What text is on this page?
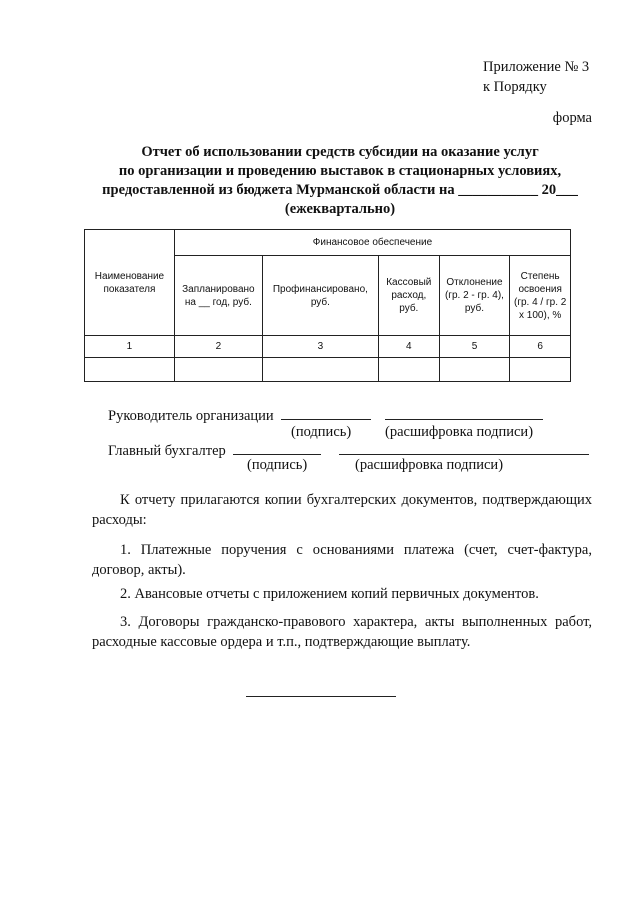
Приложение № 3
к Порядку
форма
Отчет об использовании средств субсидии на оказание услуг
по организации и проведению выставок в стационарных условиях,
предоставленной из бюджета Мурманской области на ___________ 20___
(ежеквартально)
Наименование показателя	Финансовое обеспечение				
	Запланировано на __ год, руб.	Профинансировано, руб.	Кассовый расход, руб.	Отклонение (гр. 2 - гр. 4), руб.	Степень освоения (гр. 4 / гр. 2 х 100), %
1	2	3	4	5	6

Руководитель организации
(подпись) (расшифровка подписи)
Главный бухгалтер
(подпись)	(расшифровка подписи)
К отчету прилагаются копии бухгалтерских документов, подтверждающих расходы:
1. Платежные поручения с основаниями платежа (счет, счет-фактура, договор, акты).
2. Авансовые отчеты с приложением копий первичных документов.
3. Договоры гражданско-правового характера, акты выполненных работ, расходные кассовые ордера и т.п., подтверждающие выплату.
